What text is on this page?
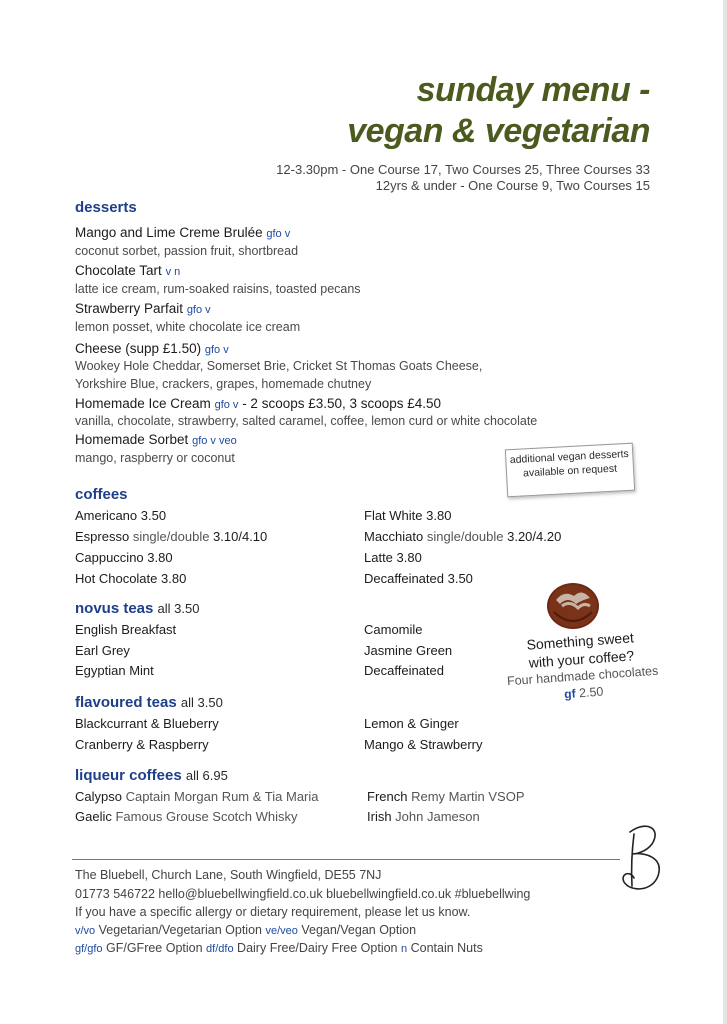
sunday menu -
vegan & vegetarian
12-3.30pm - One Course 17, Two Courses 25, Three Courses 33
12yrs & under - One Course 9, Two Courses 15
desserts
Mango and Lime Creme Brulée gfo v
coconut sorbet, passion fruit, shortbread
Chocolate Tart v n
latte ice cream, rum-soaked raisins, toasted pecans
Strawberry Parfait gfo v
lemon posset, white chocolate ice cream
Cheese (supp £1.50) gfo v
Wookey Hole Cheddar, Somerset Brie, Cricket St Thomas Goats Cheese,
Yorkshire Blue, crackers, grapes, homemade chutney
Homemade Ice Cream gfo v - 2 scoops £3.50, 3 scoops £4.50
vanilla, chocolate, strawberry, salted caramel, coffee, lemon curd or white chocolate
Homemade Sorbet gfo v veo
mango, raspberry or coconut	additional vegan desserts available on request
coffees
Americano 3.50
Espresso single/double 3.10/4.10
Cappuccino 3.80
Hot Chocolate 3.80
Flat White 3.80
Macchiato single/double 3.20/4.20
Latte 3.80
Decaffeinated 3.50
novus teas all 3.50
English Breakfast
Earl Grey
Egyptian Mint
Camomile
Jasmine Green
Decaffeinated
flavoured teas all 3.50
Blackcurrant & Blueberry
Cranberry & Raspberry
Lemon & Ginger
Mango & Strawberry
liqueur coffees all 6.95
Calypso Captain Morgan Rum & Tia Maria
Gaelic Famous Grouse Scotch Whisky
French Remy Martin VSOP
Irish John Jameson
Something sweet
with your coffee?
Four handmade chocolates
gf 2.50
The Bluebell, Church Lane, South Wingfield, DE55 7NJ
01773 546722 hello@bluebellwingfield.co.uk bluebellwingfield.co.uk #bluebellwing
If you have a specific allergy or dietary requirement, please let us know.
v/vo Vegetarian/Vegetarian Option ve/veo Vegan/Vegan Option
gf/gfo GF/GFree Option df/dfo Dairy Free/Dairy Free Option n Contain Nuts
